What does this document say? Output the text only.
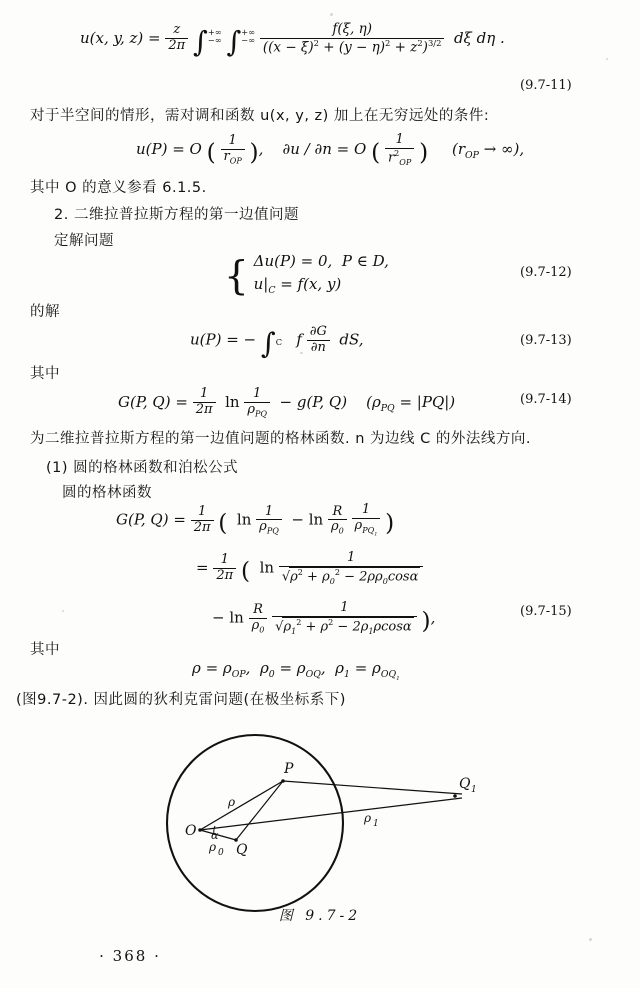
u(x, y, $z) = \frac{z}{2\pi}$ ∫+∞
−∞ ∫+∞
−∞ $\frac{f(\xi, \eta)}{((x - \xi)^2 + (y - \eta)^2 + z^2)^{3/2}}$ dξ dη .
(9.7-11)
对于半空间的情形，需对调和函数 u(x, y, z) 加上在无穷远处的条件:
u(P) = O ( $\frac{1}{r_{OP}}$ ),    ∂u / ∂n = O ( $\frac{1}{r^2_{OP}}$ )     ($r_{OP}$ → ∞),
其中 O 的意义参看 6.1.5.
2. 二维拉普拉斯方程的第一边值问题
定解问题
{ Δu(P) = 0,  P ∈ D,
$u|_C = f(x$, y)
(9.7-12)
的解
u(P) = − ∫
C f $\frac{\partial G}{\partial n}$ dS,	(9.7-13)
其中
G(P, $Q) = \frac{1}{2\pi}$ $\ln \frac{1}{\rho_{PQ}} - g(P$, Q)    $(\rho_{PQ} = |PQ|)$	(9.7-14)
为二维拉普拉斯方程的第一边值问题的格林函数. n 为边线 C 的外法线方向.
(1) 圆的格林函数和泊松公式
圆的格林函数
G(P, $Q) = \frac{1}{2\pi}$ (  $\ln \frac{1}{\rho_{PQ}} - \ln \frac{R}{\rho_0}$
$\frac{1}{\rho_{PQ_1}}$ )
= $\frac{1}{2\pi}$ (  $\ln \frac{1}{√\rho^2 + \rho_0^2 - 2\rho\rho_0\cos\alpha}$
− $\ln \frac{R}{\rho_0}$
$\frac{1}{√\rho_1^2 + \rho^2 - 2\rho_1\rho\cos\alpha}$ ),	(9.7-15)
其中
$\rho = \rho_{OP}$,  $\rho_0 = \rho_{OQ}$,  $\rho_1 = \rho_{OQ_1}$
(图9.7-2). 因此圆的狄利克雷问题(在极坐标系下)
O
P
Q
Q 1
ρ
ρ 0
ρ 1
α
图 9.7-2
· 368 ·
